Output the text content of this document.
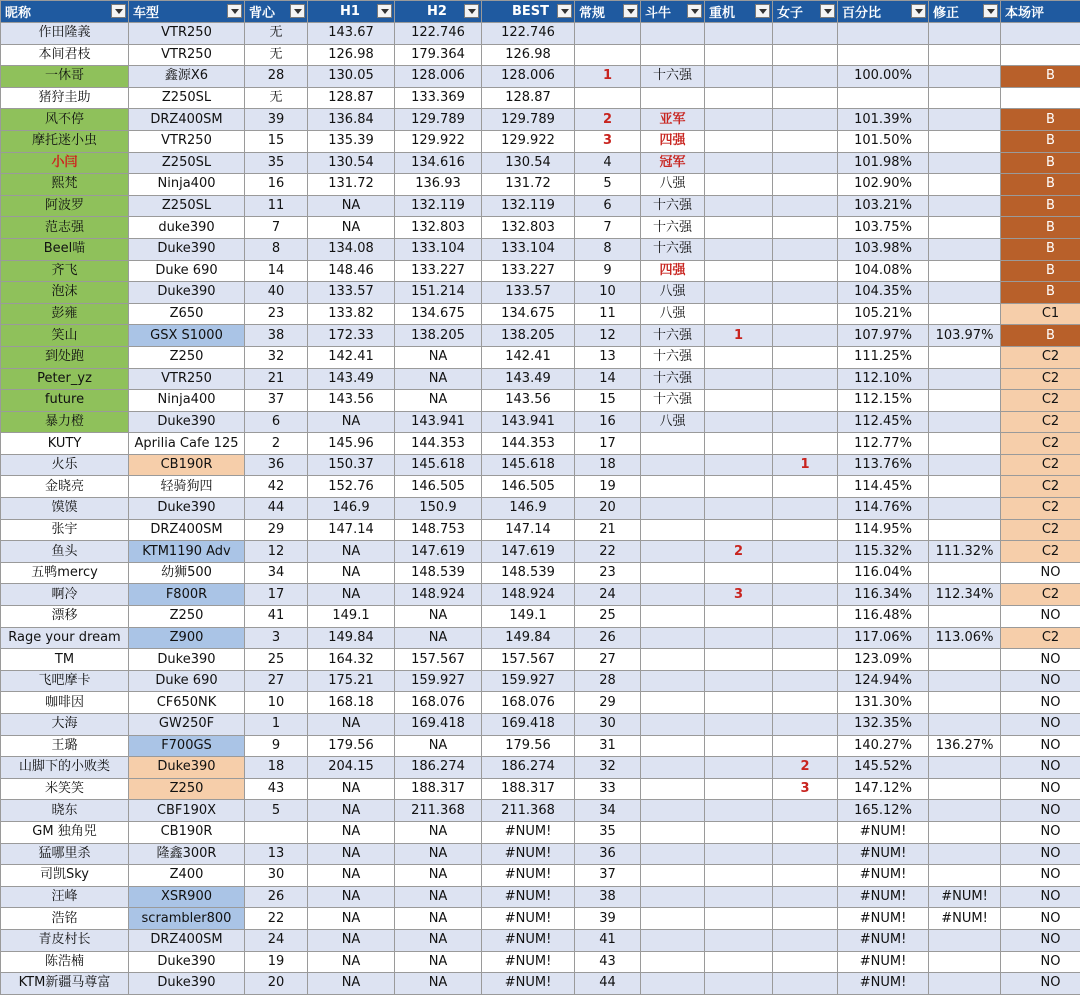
昵称	车型	背心	H1	H2	BEST	常规	斗牛	重机	女子	百分比	修正	本场评

作田隆義	VTR250	无	143.67	122.746	122.746							
本间君枝	VTR250	无	126.98	179.364	126.98							
一休哥	鑫源X6	28	130.05	128.006	128.006	1	十六强			100.00%		B
猪狩圭助	Z250SL	无	128.87	133.369	128.87							
风不停	DRZ400SM	39	136.84	129.789	129.789	2	亚军			101.39%		B
摩托迷小虫	VTR250	15	135.39	129.922	129.922	3	四强			101.50%		B
小闫	Z250SL	35	130.54	134.616	130.54	4	冠军			101.98%		B
熙梵	Ninja400	16	131.72	136.93	131.72	5	八强			102.90%		B
阿波罗	Z250SL	11	NA	132.119	132.119	6	十六强			103.21%		B
范志强	duke390	7	NA	132.803	132.803	7	十六强			103.75%		B
Beel喵	Duke390	8	134.08	133.104	133.104	8	十六强			103.98%		B
齐飞	Duke 690	14	148.46	133.227	133.227	9	四强			104.08%		B
泡沫	Duke390	40	133.57	151.214	133.57	10	八强			104.35%		B
彭雍	Z650	23	133.82	134.675	134.675	11	八强			105.21%		C1
笑山	GSX S1000	38	172.33	138.205	138.205	12	十六强	1		107.97%	103.97%	B
到处跑	Z250	32	142.41	NA	142.41	13	十六强			111.25%		C2
Peter_yz	VTR250	21	143.49	NA	143.49	14	十六强			112.10%		C2
future	Ninja400	37	143.56	NA	143.56	15	十六强			112.15%		C2
暴力橙	Duke390	6	NA	143.941	143.941	16	八强			112.45%		C2
KUTY	Aprilia Cafe 125	2	145.96	144.353	144.353	17				112.77%		C2
火乐	CB190R	36	150.37	145.618	145.618	18			1	113.76%		C2
金晓亮	轻骑狗四	42	152.76	146.505	146.505	19				114.45%		C2
馍馍	Duke390	44	146.9	150.9	146.9	20				114.76%		C2
张宇	DRZ400SM	29	147.14	148.753	147.14	21				114.95%		C2
鱼头	KTM1190 Adv	12	NA	147.619	147.619	22		2		115.32%	111.32%	C2
五鸭mercy	幼狮500	34	NA	148.539	148.539	23				116.04%		NO
啊冷	F800R	17	NA	148.924	148.924	24		3		116.34%	112.34%	C2
漂移	Z250	41	149.1	NA	149.1	25				116.48%		NO
Rage your dream	Z900	3	149.84	NA	149.84	26				117.06%	113.06%	C2
TM	Duke390	25	164.32	157.567	157.567	27				123.09%		NO
飞吧摩卡	Duke 690	27	175.21	159.927	159.927	28				124.94%		NO
咖啡因	CF650NK	10	168.18	168.076	168.076	29				131.30%		NO
大海	GW250F	1	NA	169.418	169.418	30				132.35%		NO
王璐	F700GS	9	179.56	NA	179.56	31				140.27%	136.27%	NO
山脚下的小败类	Duke390	18	204.15	186.274	186.274	32			2	145.52%		NO
米笑笑	Z250	43	NA	188.317	188.317	33			3	147.12%		NO
晓东	CBF190X	5	NA	211.368	211.368	34				165.12%		NO
GM 独角兕	CB190R		NA	NA	#NUM!	35				#NUM!		NO
猛哪里杀	隆鑫300R	13	NA	NA	#NUM!	36				#NUM!		NO
司凯Sky	Z400	30	NA	NA	#NUM!	37				#NUM!		NO
汪峰	XSR900	26	NA	NA	#NUM!	38				#NUM!	#NUM!	NO
浩铭	scrambler800	22	NA	NA	#NUM!	39				#NUM!	#NUM!	NO
青皮村长	DRZ400SM	24	NA	NA	#NUM!	41				#NUM!		NO
陈浩楠	Duke390	19	NA	NA	#NUM!	43				#NUM!		NO
KTM新疆马尊富	Duke390	20	NA	NA	#NUM!	44				#NUM!		NO
